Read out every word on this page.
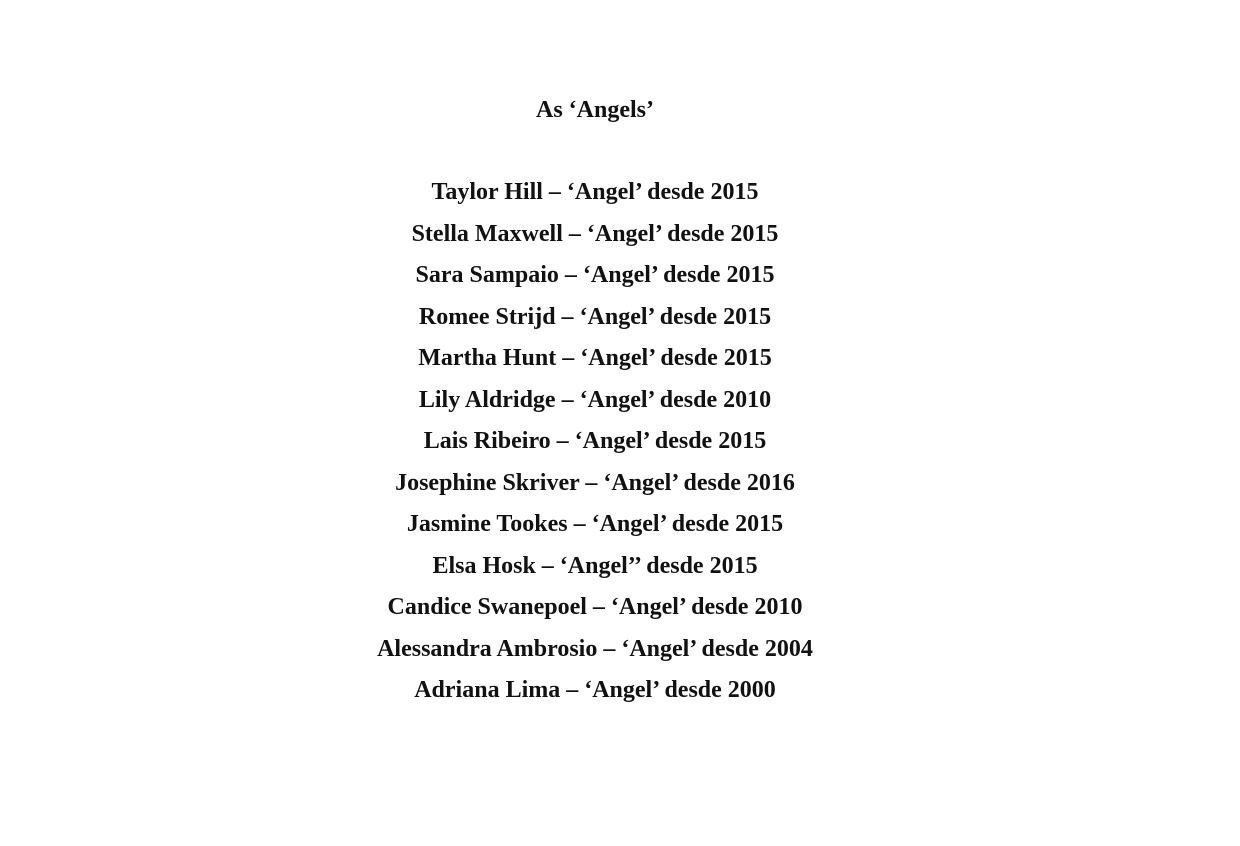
As ‘Angels’
Taylor Hill – ‘Angel’ desde 2015
Stella Maxwell – ‘Angel’ desde 2015
Sara Sampaio – ‘Angel’ desde 2015
Romee Strijd – ‘Angel’ desde 2015
Martha Hunt – ‘Angel’ desde 2015
Lily Aldridge – ‘Angel’ desde 2010
Lais Ribeiro – ‘Angel’ desde 2015
Josephine Skriver – ‘Angel’ desde 2016
Jasmine Tookes – ‘Angel’ desde 2015
Elsa Hosk – ‘Angel’’ desde 2015
Candice Swanepoel – ‘Angel’ desde 2010
Alessandra Ambrosio – ‘Angel’ desde 2004
Adriana Lima – ‘Angel’ desde 2000
